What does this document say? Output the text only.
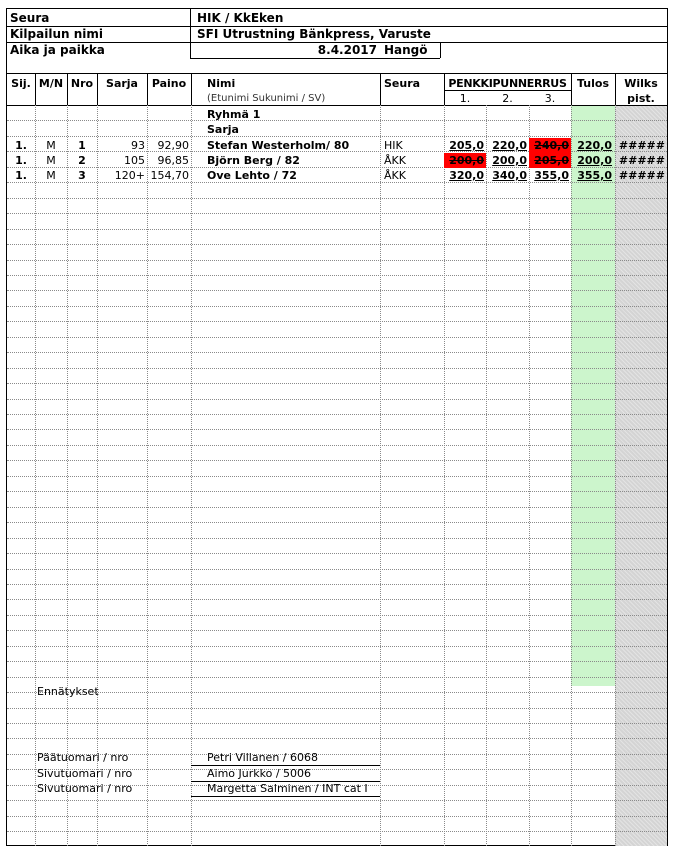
Seura	HIK / KkEken
Kilpailun nimi	SFI Utrustning Bänkpress, Varuste
Aika ja paikka	8.4.2017 Hangö
Sij. M/N Nro	Sarja	Paino	Nimi
(Etunimi Sukunimi / SV)
Seura	PENKKIPUNNERRUS
1.	2.	3.
Tulos	Wilks
pist.
Ryhmä 1
Sarja
1.	M	1	93	92,90 Stefan Westerholm/ 80	HIK	205,0 220,0 240,0 220,0 #####
1.	M	2	105	96,85 Björn Berg / 82	ÅKK	200,0 200,0 205,0 200,0 #####
1.	M	3	120+ 154,70 Ove Lehto / 72	ÅKK	320,0 340,0 355,0 355,0 #####
Ennätykset
Päätuomari / nro	Petri Villanen / 6068
Sivutuomari / nro	Aimo Jurkko / 5006
Sivutuomari / nro	Margetta Salminen / INT cat I
